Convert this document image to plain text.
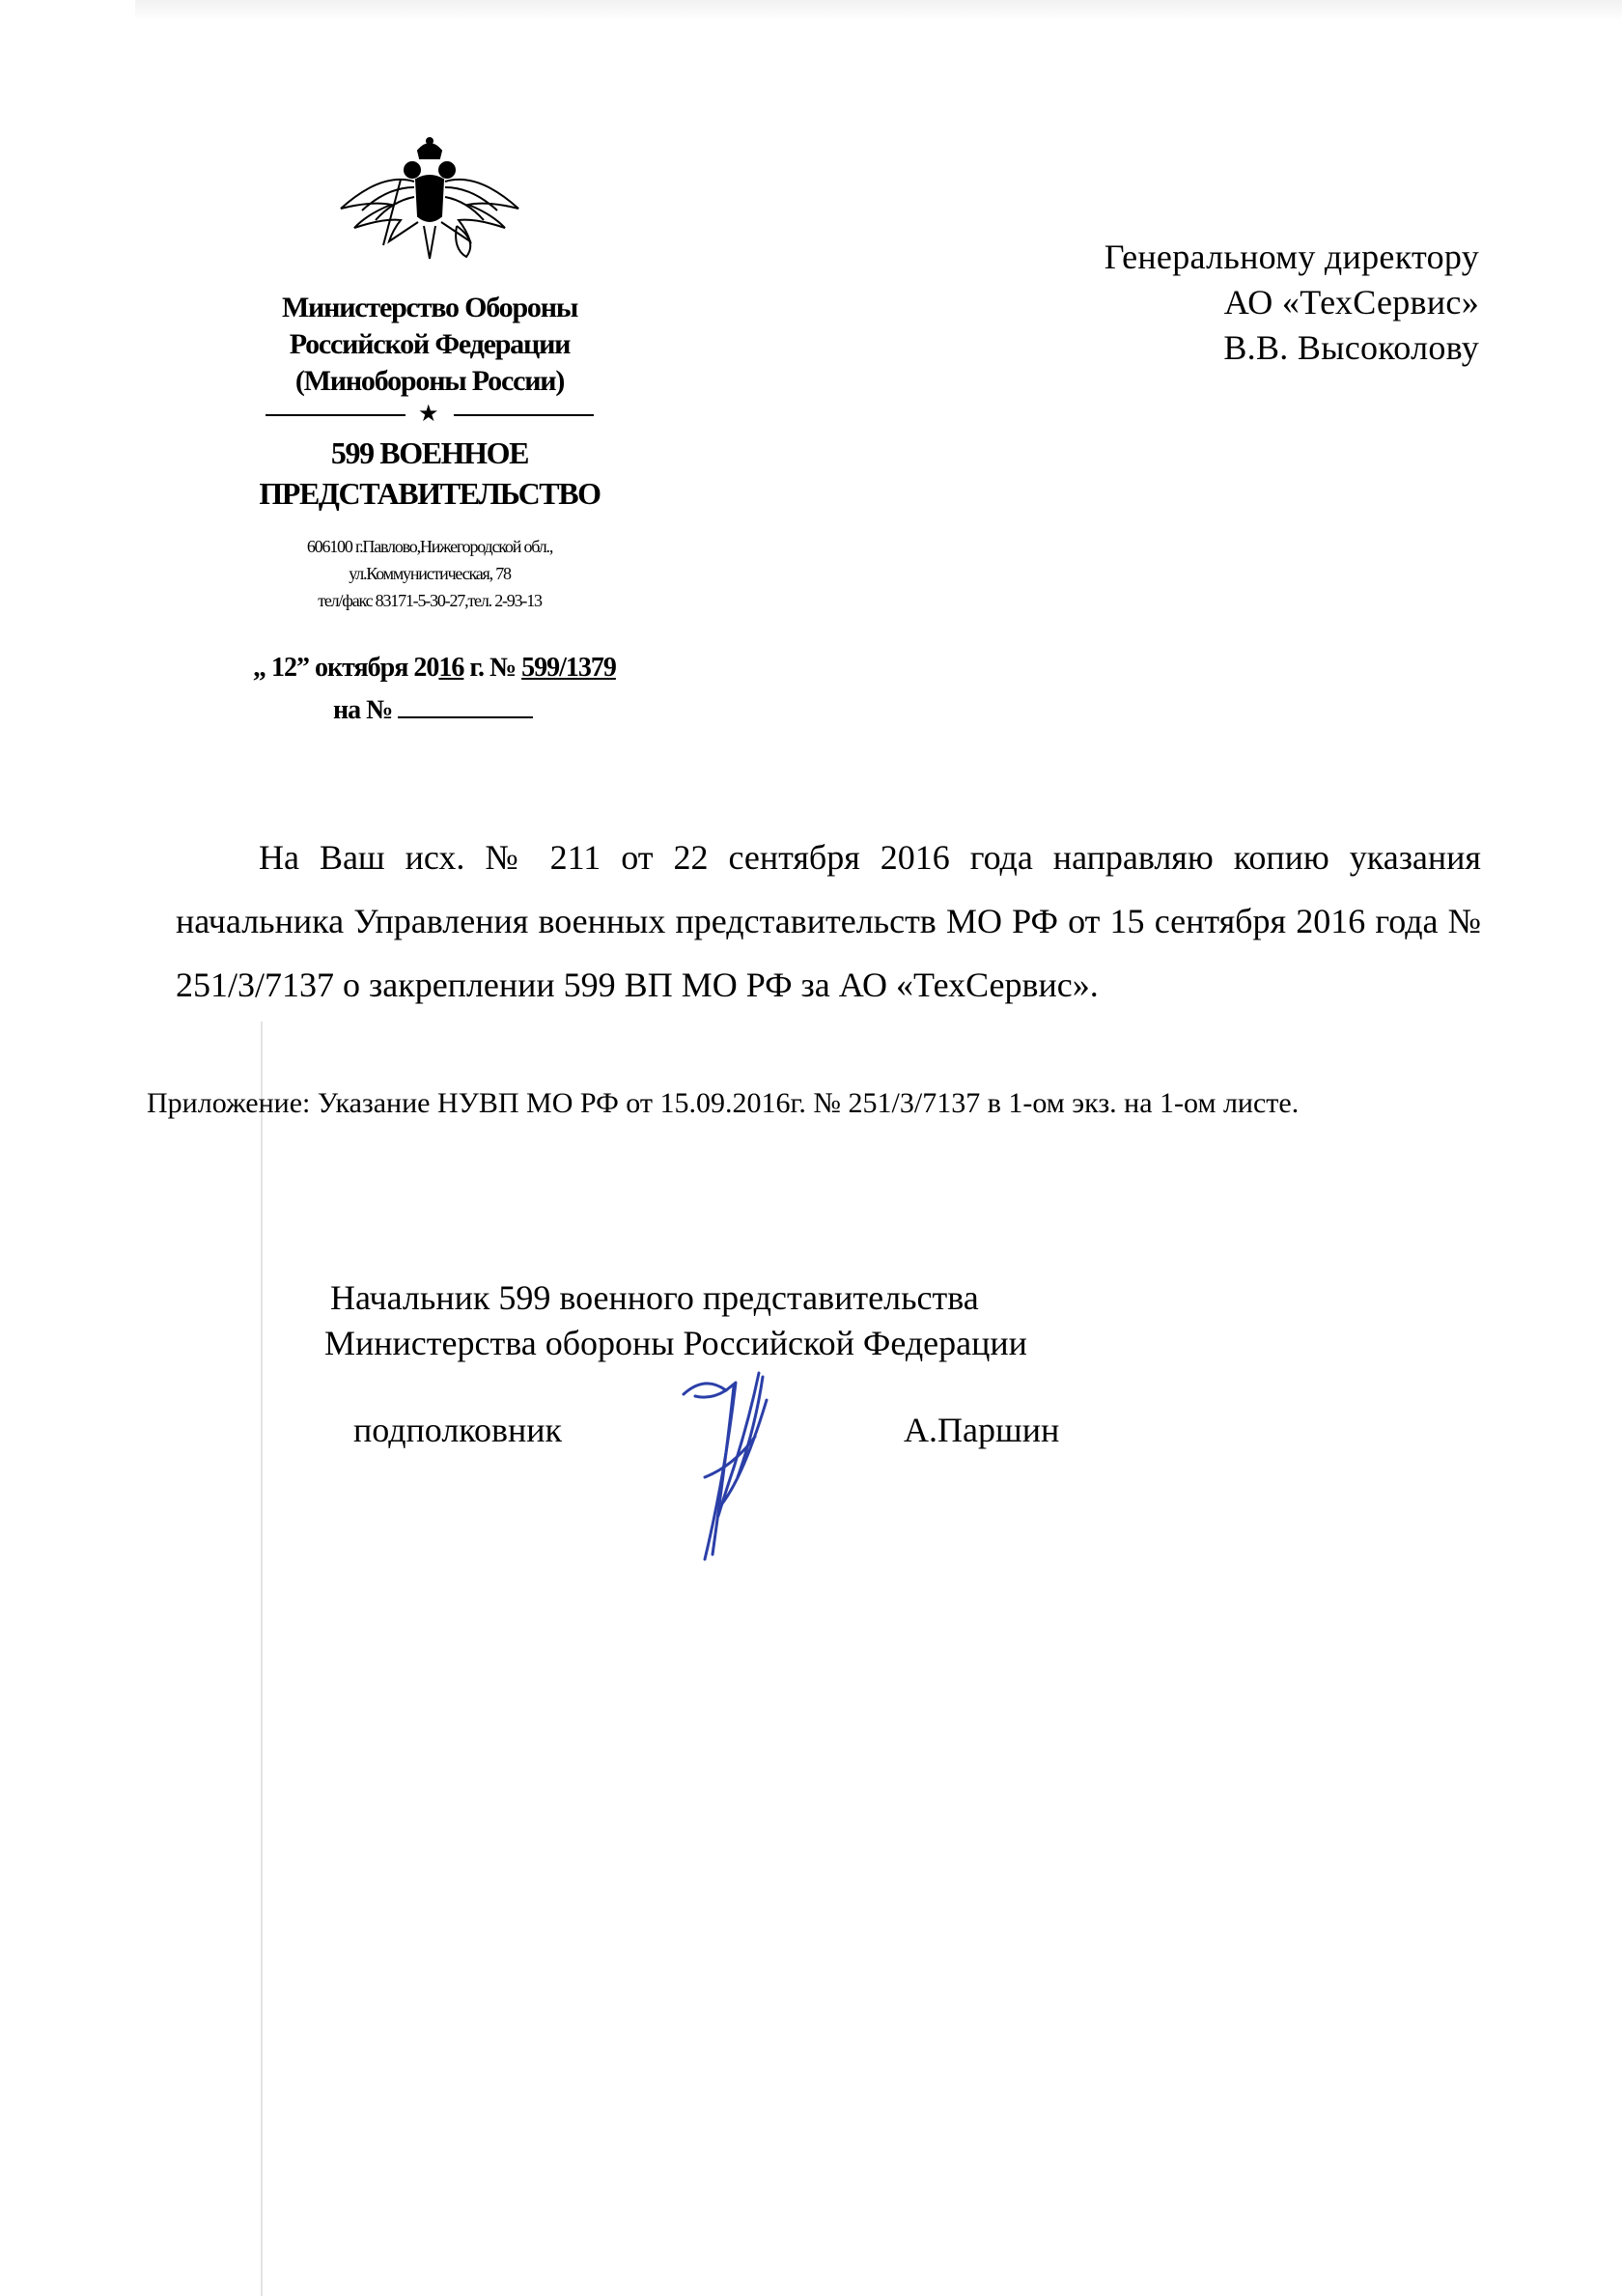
Министерство Обороны
Российской Федерации
(Минобороны России)
★
599 ВОЕННОЕ
ПРЕДСТАВИТЕЛЬСТВО
606100 г.Павлово,Нижегородской обл.,
ул.Коммунистическая, 78
тел/факс 83171-5-30-27,тел. 2-93-13
„ 12” октября 2016 г. № 599/1379
на №
Генеральному директору
АО «ТехСервис»
В.В. Высоколову

На Ваш исх. № 211 от 22 сентября 2016 года направляю копию указания начальника Управления военных представительств МО РФ от 15 сентября 2016 года № 251/3/7137 о закреплении 599 ВП МО РФ за АО «ТехСервис».

Приложение: Указание НУВП МО РФ от 15.09.2016г. № 251/3/7137 в 1-ом экз. на 1-ом листе.
Начальник 599 военного представительства
Министерства обороны Российской Федерации
подполковник	А.Паршин
